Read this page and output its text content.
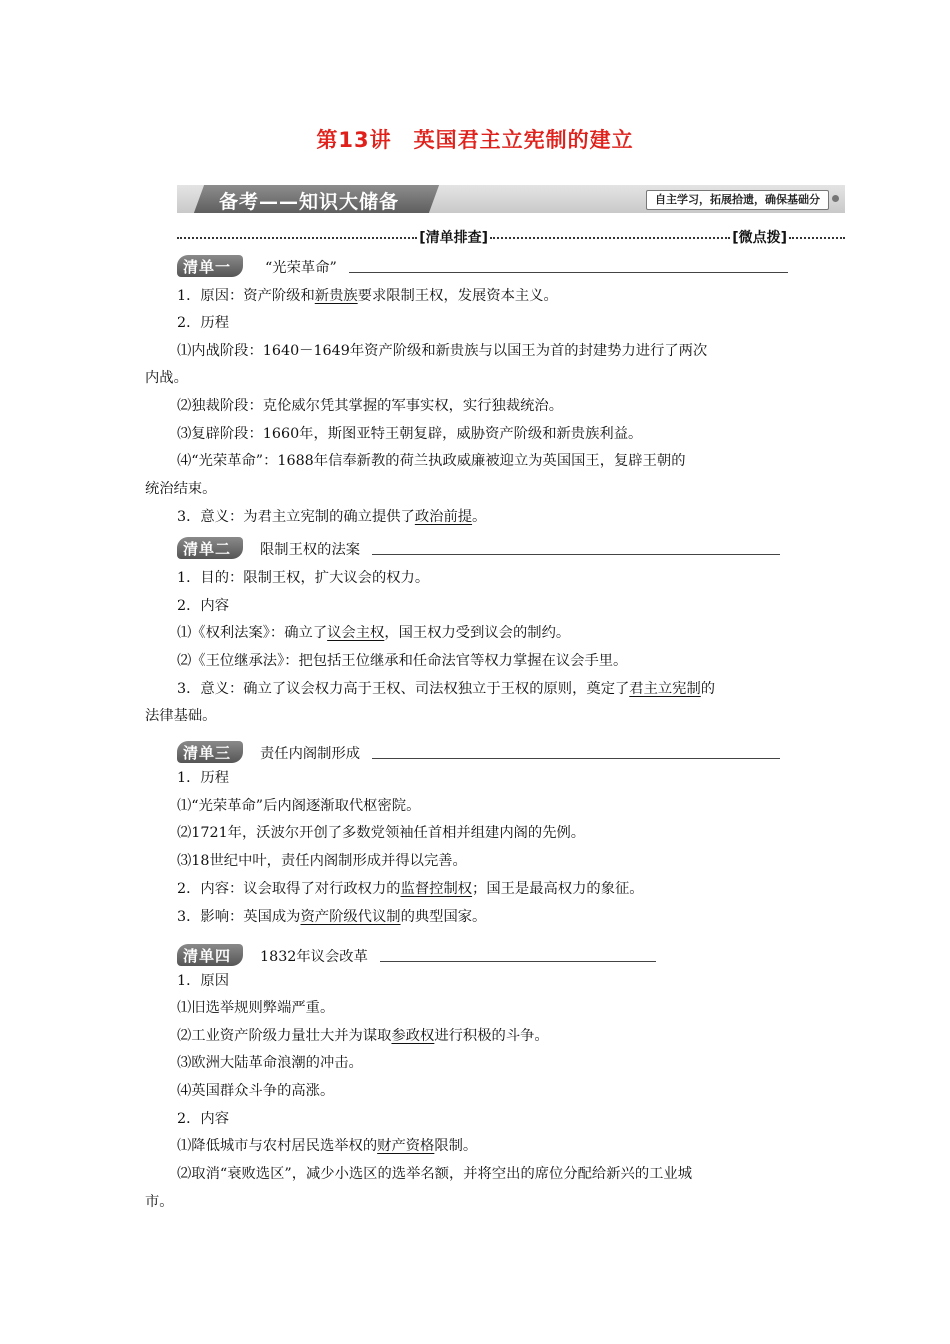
第13讲　英国君主立宪制的建立
备考——知识大储备	自主学习，拓展拾遗，确保基础分
[清单排查]	[微点拨]
清单一 “光荣革命”
1．原因：资产阶级和新贵族要求限制王权，发展资本主义。
2．历程
⑴内战阶段：1640－1649年资产阶级和新贵族与以国王为首的封建势力进行了两次
内战。
⑵独裁阶段：克伦威尔凭其掌握的军事实权，实行独裁统治。
⑶复辟阶段：1660年，斯图亚特王朝复辟，威胁资产阶级和新贵族利益。
⑷“光荣革命”：1688年信奉新教的荷兰执政威廉被迎立为英国国王，复辟王朝的
统治结束。
3．意义：为君主立宪制的确立提供了政治前提。
清单二 限制王权的法案
1．目的：限制王权，扩大议会的权力。
2．内容
⑴《权利法案》：确立了议会主权，国王权力受到议会的制约。
⑵《王位继承法》：把包括王位继承和任命法官等权力掌握在议会手里。
3．意义：确立了议会权力高于王权、司法权独立于王权的原则，奠定了君主立宪制的
法律基础。
清单三 责任内阁制形成
1．历程
⑴“光荣革命”后内阁逐渐取代枢密院。
⑵1721年，沃波尔开创了多数党领袖任首相并组建内阁的先例。
⑶18世纪中叶，责任内阁制形成并得以完善。
2．内容：议会取得了对行政权力的监督控制权；国王是最高权力的象征。
3．影响：英国成为资产阶级代议制的典型国家。
清单四 1832年议会改革
1．原因
⑴旧选举规则弊端严重。
⑵工业资产阶级力量壮大并为谋取参政权进行积极的斗争。
⑶欧洲大陆革命浪潮的冲击。
⑷英国群众斗争的高涨。
2．内容
⑴降低城市与农村居民选举权的财产资格限制。
⑵取消“衰败选区”，减少小选区的选举名额，并将空出的席位分配给新兴的工业城
市。
